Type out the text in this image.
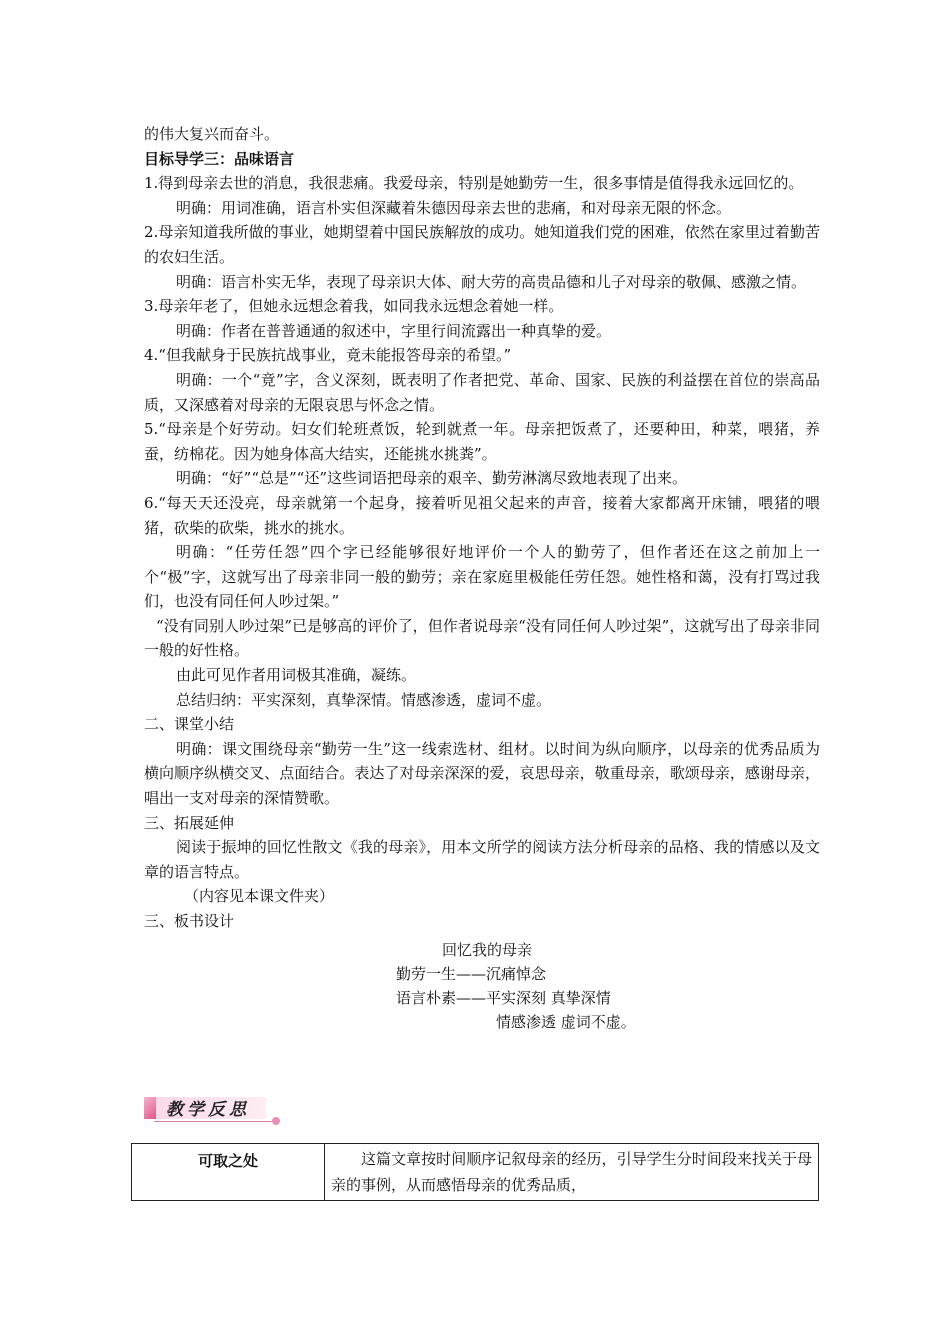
的伟大复兴而奋斗。

目标导学三：品味语言

1.得到母亲去世的消息，我很悲痛。我爱母亲，特别是她勤劳一生，很多事情是值得我永远回忆的。

明确：用词准确，语言朴实但深藏着朱德因母亲去世的悲痛，和对母亲无限的怀念。

2.母亲知道我所做的事业，她期望着中国民族解放的成功。她知道我们党的困难，依然在家里过着勤苦的农妇生活。

明确：语言朴实无华，表现了母亲识大体、耐大劳的高贵品德和儿子对母亲的敬佩、感激之情。

3.母亲年老了，但她永远想念着我，如同我永远想念着她一样。

明确：作者在普普通通的叙述中，字里行间流露出一种真挚的爱。

4.“但我献身于民族抗战事业，竟未能报答母亲的希望。”

明确：一个“竟”字，含义深刻，既表明了作者把党、革命、国家、民族的利益摆在首位的崇高品质，又深感着对母亲的无限哀思与怀念之情。

5.“母亲是个好劳动。妇女们轮班煮饭，轮到就煮一年。母亲把饭煮了，还要种田，种菜，喂猪，养蚕，纺棉花。因为她身体高大结实，还能挑水挑粪”。

明确：“好”“总是”“还”这些词语把母亲的艰辛、勤劳淋漓尽致地表现了出来。

6.“每天天还没亮，母亲就第一个起身，接着听见祖父起来的声音，接着大家都离开床铺，喂猪的喂猪，砍柴的砍柴，挑水的挑水。

明确：“任劳任怨”四个字已经能够很好地评价一个人的勤劳了，但作者还在这之前加上一个“极”字，这就写出了母亲非同一般的勤劳；亲在家庭里极能任劳任怨。她性格和蔼，没有打骂过我们，也没有同任何人吵过架。”

“没有同别人吵过架”已是够高的评价了，但作者说母亲“没有同任何人吵过架”，这就写出了母亲非同一般的好性格。

由此可见作者用词极其准确，凝练。

总结归纳：平实深刻，真挚深情。情感渗透，虚词不虚。

二、课堂小结

明确：课文围绕母亲“勤劳一生”这一线索选材、组材。以时间为纵向顺序，以母亲的优秀品质为横向顺序纵横交叉、点面结合。表达了对母亲深深的爱，哀思母亲，敬重母亲，歌颂母亲，感谢母亲，唱出一支对母亲的深情赞歌。

三、拓展延伸

阅读于振坤的回忆性散文《我的母亲》，用本文所学的阅读方法分析母亲的品格、我的情感以及文章的语言特点。

（内容见本课文件夹）

三、板书设计

回忆我的母亲
勤劳一生——沉痛悼念
语言朴素——平实深刻 真挚深情
情感渗透 虚词不虚。
教学反思
可取之处	这篇文章按时间顺序记叙母亲的经历，引导学生分时间段来找关于母亲的事例，从而感悟母亲的优秀品质，
